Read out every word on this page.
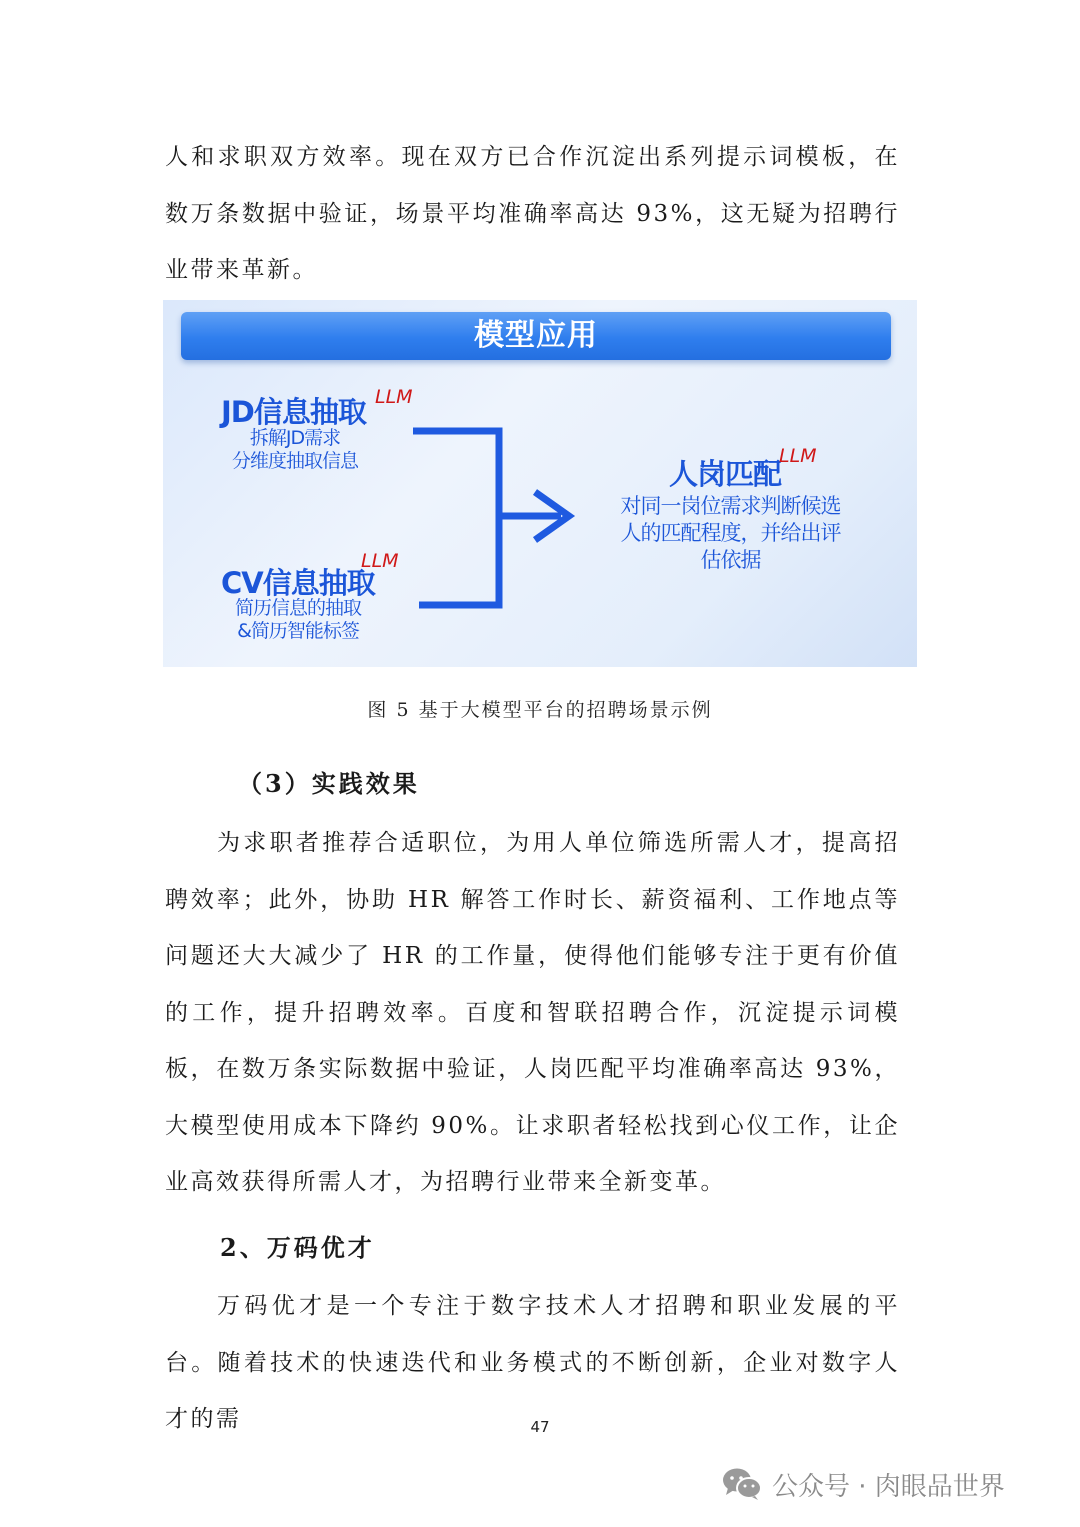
人和求职双方效率。现在双方已合作沉淀出系列提示词模板，在数万条数据中验证，场景平均准确率高达 93%，这无疑为招聘行业带来革新。

模型应用
JD信息抽取 LLM
拆解JD需求
分维度抽取信息
CV信息抽取
LLM
简历信息的抽取
&简历智能标签
人岗匹配
LLM
对同一岗位需求判断候选
人的匹配程度，并给出评
估依据
图 5 基于大模型平台的招聘场景示例
（3）实践效果

为求职者推荐合适职位，为用人单位筛选所需人才，提高招聘效率；此外，协助 HR 解答工作时长、薪资福利、工作地点等问题还大大减少了 HR 的工作量，使得他们能够专注于更有价值的工作，提升招聘效率。百度和智联招聘合作，沉淀提示词模板，在数万条实际数据中验证，人岗匹配平均准确率高达 93%，大模型使用成本下降约 90%。让求职者轻松找到心仪工作，让企业高效获得所需人才，为招聘行业带来全新变革。

2、万码优才

万码优才是一个专注于数字技术人才招聘和职业发展的平台。随着技术的快速迭代和业务模式的不断创新，企业对数字人才的需	47
公众号 · 肉眼品世界
